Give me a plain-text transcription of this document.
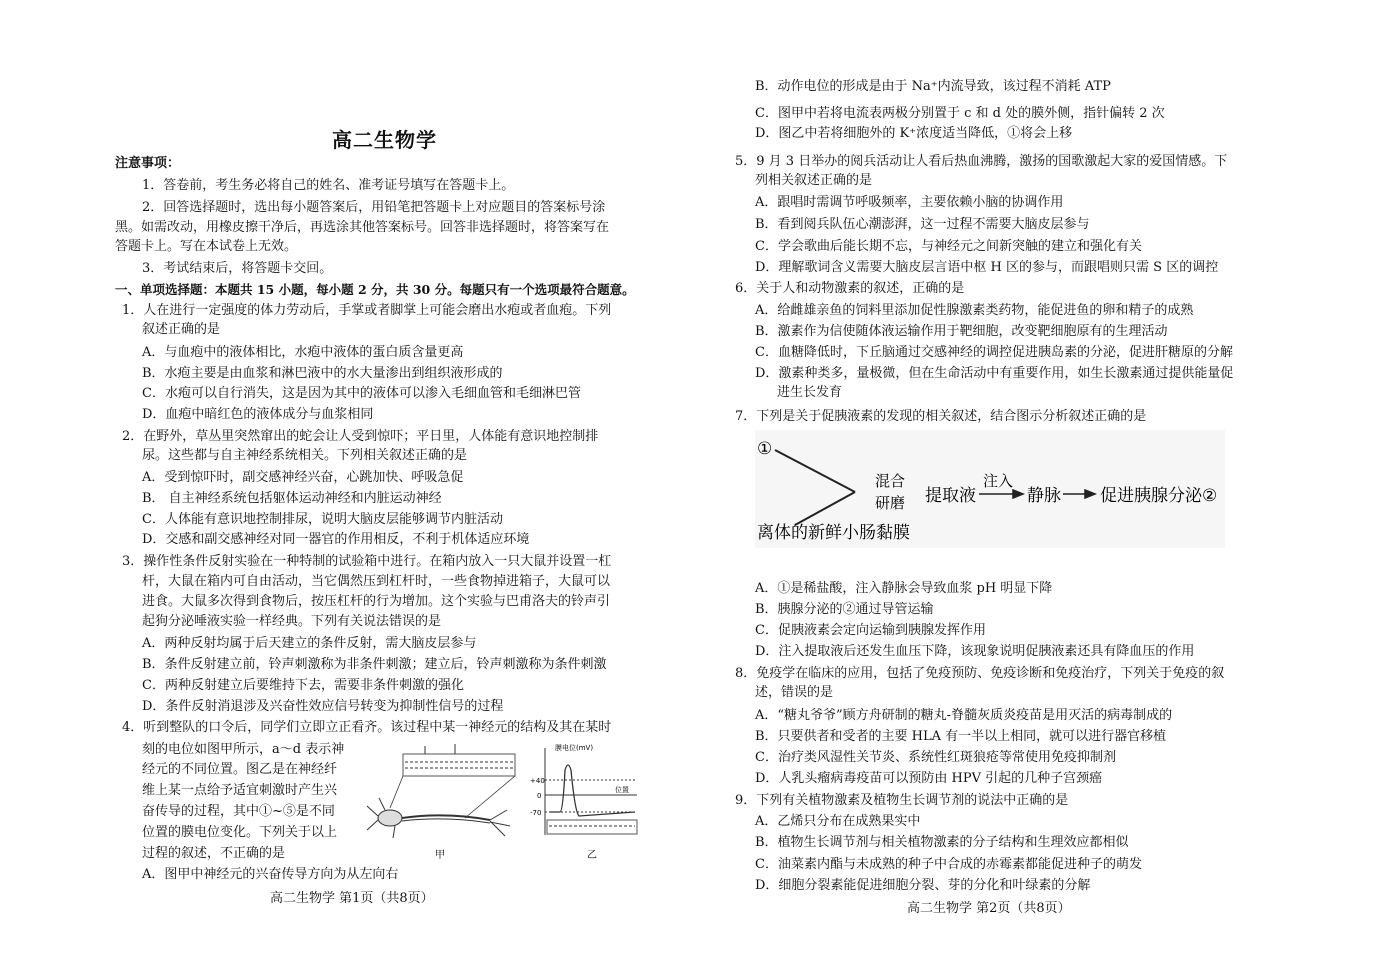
高二生物学
注意事项：
1．答卷前，考生务必将自己的姓名、准考证号填写在答题卡上。
2．回答选择题时，选出每小题答案后，用铅笔把答题卡上对应题目的答案标号涂
黑。如需改动，用橡皮擦干净后，再选涂其他答案标号。回答非选择题时，将答案写在
答题卡上。写在本试卷上无效。
3．考试结束后，将答题卡交回。
一、单项选择题：本题共 15 小题，每小题 2 分，共 30 分。每题只有一个选项最符合题意。
1．人在进行一定强度的体力劳动后，手掌或者脚掌上可能会磨出水疱或者血疱。下列
叙述正确的是
A．与血疱中的液体相比，水疱中液体的蛋白质含量更高
B．水疱主要是由血浆和淋巴液中的水大量渗出到组织液形成的
C．水疱可以自行消失，这是因为其中的液体可以渗入毛细血管和毛细淋巴管
D．血疱中暗红色的液体成分与血浆相同
2．在野外，草丛里突然窜出的蛇会让人受到惊吓；平日里，人体能有意识地控制排
尿。这些都与自主神经系统相关。下列相关叙述正确的是
A．受到惊吓时，副交感神经兴奋，心跳加快、呼吸急促
B． 自主神经系统包括躯体运动神经和内脏运动神经
C．人体能有意识地控制排尿，说明大脑皮层能够调节内脏活动
D．交感和副交感神经对同一器官的作用相反，不利于机体适应环境
3．操作性条件反射实验在一种特制的试验箱中进行。在箱内放入一只大鼠并设置一杠
杆，大鼠在箱内可自由活动，当它偶然压到杠杆时，一些食物掉进箱子，大鼠可以
进食。大鼠多次得到食物后，按压杠杆的行为增加。这个实验与巴甫洛夫的铃声引
起狗分泌唾液实验一样经典。下列有关说法错误的是
A．两种反射均属于后天建立的条件反射，需大脑皮层参与
B．条件反射建立前，铃声刺激称为非条件刺激；建立后，铃声刺激称为条件刺激
C．两种反射建立后要维持下去，需要非条件刺激的强化
D．条件反射消退涉及兴奋性效应信号转变为抑制性信号的过程
4．听到整队的口令后，同学们立即立正看齐。该过程中某一神经元的结构及其在某时
刻的电位如图甲所示，a～d 表示神
经元的不同位置。图乙是在神经纤
维上某一点给予适宜刺激时产生兴
奋传导的过程，其中①~⑤是不同
位置的膜电位变化。下列关于以上
过程的叙述，不正确的是
A．图甲中神经元的兴奋传导方向为从左向右
高二生物学 第1页（共8页）
甲
膜电位(mV)
+40
0
-70
位置
乙
B．动作电位的形成是由于 Na⁺内流导致，该过程不消耗 ATP
C．图甲中若将电流表两极分别置于 c 和 d 处的膜外侧，指针偏转 2 次
D．图乙中若将细胞外的 K⁺浓度适当降低，①将会上移
5．9 月 3 日举办的阅兵活动让人看后热血沸腾，激扬的国歌激起大家的爱国情感。下
列相关叙述正确的是
A．跟唱时需调节呼吸频率，主要依赖小脑的协调作用
B．看到阅兵队伍心潮澎湃，这一过程不需要大脑皮层参与
C．学会歌曲后能长期不忘，与神经元之间新突触的建立和强化有关
D．理解歌词含义需要大脑皮层言语中枢 H 区的参与，而跟唱则只需 S 区的调控
6．关于人和动物激素的叙述，正确的是
A．给雌雄亲鱼的饲料里添加促性腺激素类药物，能促进鱼的卵和精子的成熟
B．激素作为信使随体液运输作用于靶细胞，改变靶细胞原有的生理活动
C．血糖降低时，下丘脑通过交感神经的调控促进胰岛素的分泌，促进肝糖原的分解
D．激素种类多，量极微，但在生命活动中有重要作用，如生长激素通过提供能量促
进生长发育
7．下列是关于促胰液素的发现的相关叙述，结合图示分析叙述正确的是
A．①是稀盐酸，注入静脉会导致血浆 pH 明显下降
B．胰腺分泌的②通过导管运输
C．促胰液素会定向运输到胰腺发挥作用
D．注入提取液后还发生血压下降，该现象说明促胰液素还具有降血压的作用
8．免疫学在临床的应用，包括了免疫预防、免疫诊断和免疫治疗，下列关于免疫的叙
述，错误的是
A．“糖丸爷爷”顾方舟研制的糖丸-脊髓灰质炎疫苗是用灭活的病毒制成的
B．只要供者和受者的主要 HLA 有一半以上相同，就可以进行器官移植
C．治疗类风湿性关节炎、系统性红斑狼疮等常使用免疫抑制剂
D．人乳头瘤病毒疫苗可以预防由 HPV 引起的几种子宫颈癌
9．下列有关植物激素及植物生长调节剂的说法中正确的是
A．乙烯只分布在成熟果实中
B．植物生长调节剂与相关植物激素的分子结构和生理效应都相似
C．油菜素内酯与未成熟的种子中合成的赤霉素都能促进种子的萌发
D．细胞分裂素能促进细胞分裂、芽的分化和叶绿素的分解
高二生物学 第2页（共8页）
①
混合
研磨 提取液
注入
静脉 促进胰腺分泌②
离体的新鲜小肠黏膜
